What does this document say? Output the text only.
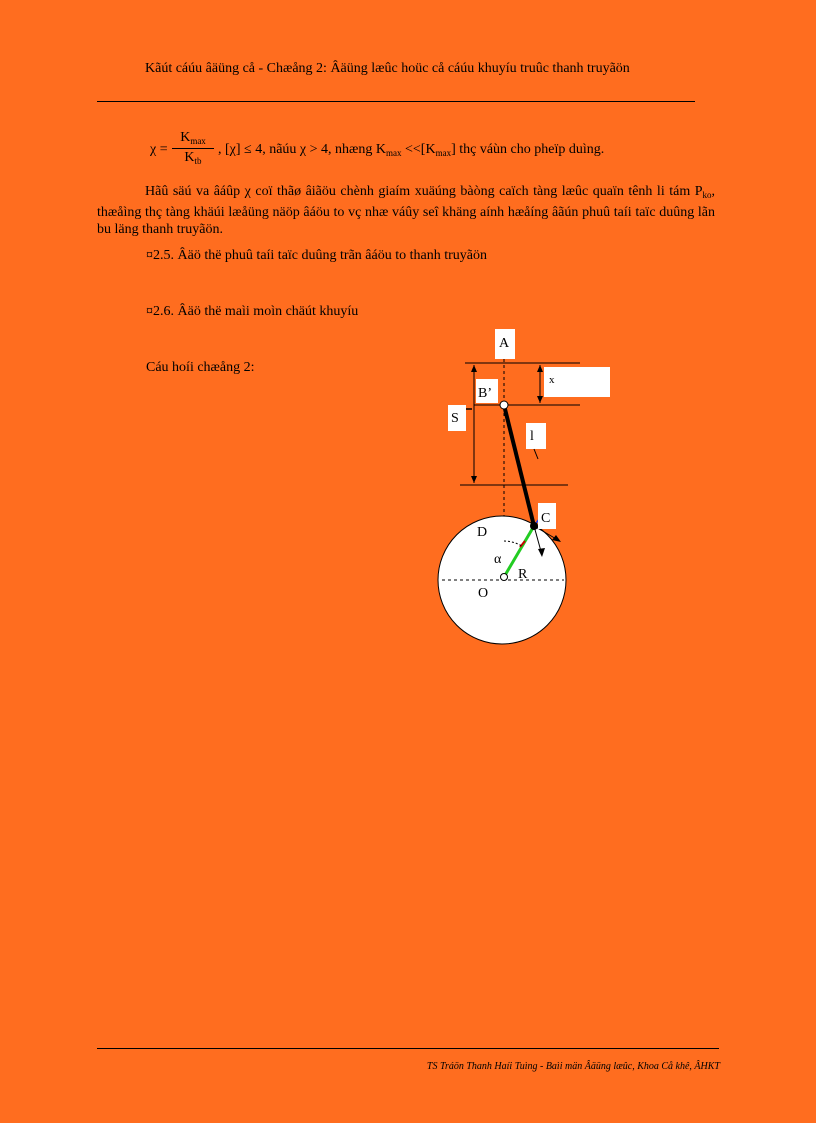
Kãút cáúu âäüng cå - Chæång 2: Âäüng læûc hoüc cå cáúu khuyíu truûc thanh truyãön
χ =
$K_{max}$
$K_{tb}$
, [χ] ≤ 4, nãúu χ > 4, nhæng $K_{max} <<[K_{max}]$ thç váùn cho pheïp duìng.
Hãû säú va âáûp χ coï thãø âiãöu chènh giaím xuäúng bàòng caïch tàng læûc quaïn tênh li tám $P_{ko}$, thæåìng thç tàng khäúi læåüng näöp âáöu to vç nhæ váûy seî khäng aính hæåíng âãún phuû taíi taïc duûng lãn bu läng thanh truyãön.
¤2.5. Âäö thë phuû taíi taïc duûng trãn âáöu to thanh truyãön
¤2.6. Âäö thë maìi moìn chäút khuyíu
Cáu hoíi chæång 2:
A
x
B’
S
l
C
D
α
R
O
TS Tráön Thanh Haíi Tuìng - Baìi män Âäüng læûc, Khoa Cå khê, ÂHKT
